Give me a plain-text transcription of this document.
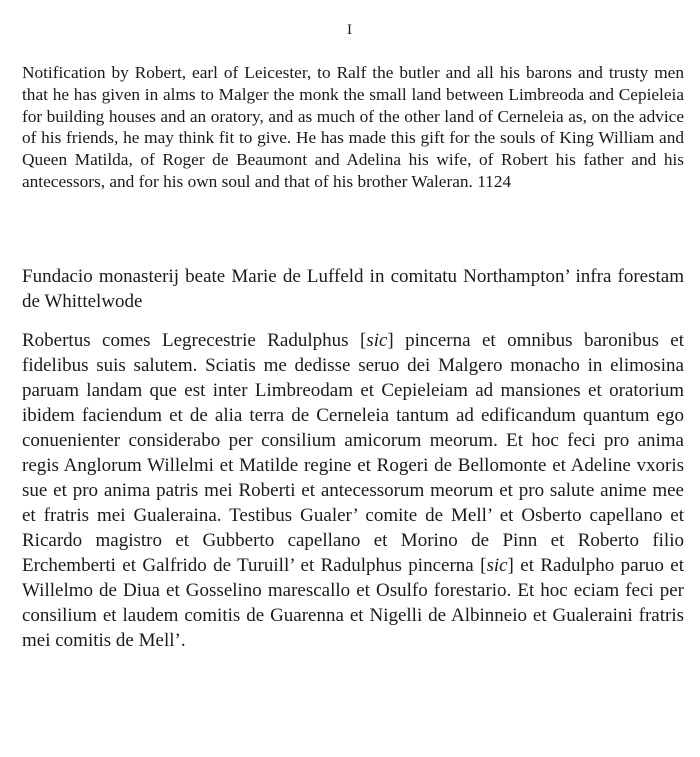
I
Notification by Robert, earl of Leicester, to Ralf the butler and all his barons and trusty men that he has given in alms to Malger the monk the small land between Limbreoda and Cepieleia for building houses and an oratory, and as much of the other land of Cerneleia as, on the advice of his friends, he may think fit to give. He has made this gift for the souls of King William and Queen Matilda, of Roger de Beaumont and Adelina his wife, of Robert his father and his antecessors, and for his own soul and that of his brother Waleran. 1124
Fundacio monasterij beate Marie de Luffeld in comitatu Northampton’ infra forestam de Whittelwode
Robertus comes Legrecestrie Radulphus [sic] pincerna et omnibus baronibus et fidelibus suis salutem. Sciatis me dedisse seruo dei Malgero monacho in elimosina paruam landam que est inter Limbreodam et Cepieleiam ad mansiones et oratorium ibidem faciendum et de alia terra de Cerneleia tantum ad edificandum quantum ego conuenienter considerabo per consilium amicorum meorum. Et hoc feci pro anima regis Anglorum Willelmi et Matilde regine et Rogeri de Bellomonte et Adeline vxoris sue et pro anima patris mei Roberti et antecessorum meorum et pro salute anime mee et fratris mei Gualeraina. Testibus Gualer’ comite de Mell’ et Osberto capellano et Ricardo magistro et Gubberto capellano et Morino de Pinn et Roberto filio Erchemberti et Galfrido de Turuill’ et Radulphus pincerna [sic] et Radulpho paruo et Willelmo de Diua et Gosselino marescallo et Osulfo forestario. Et hoc eciam feci per consilium et laudem comitis de Guarenna et Nigelli de Albinneio et Gualeraini fratris mei comitis de Mell’.
